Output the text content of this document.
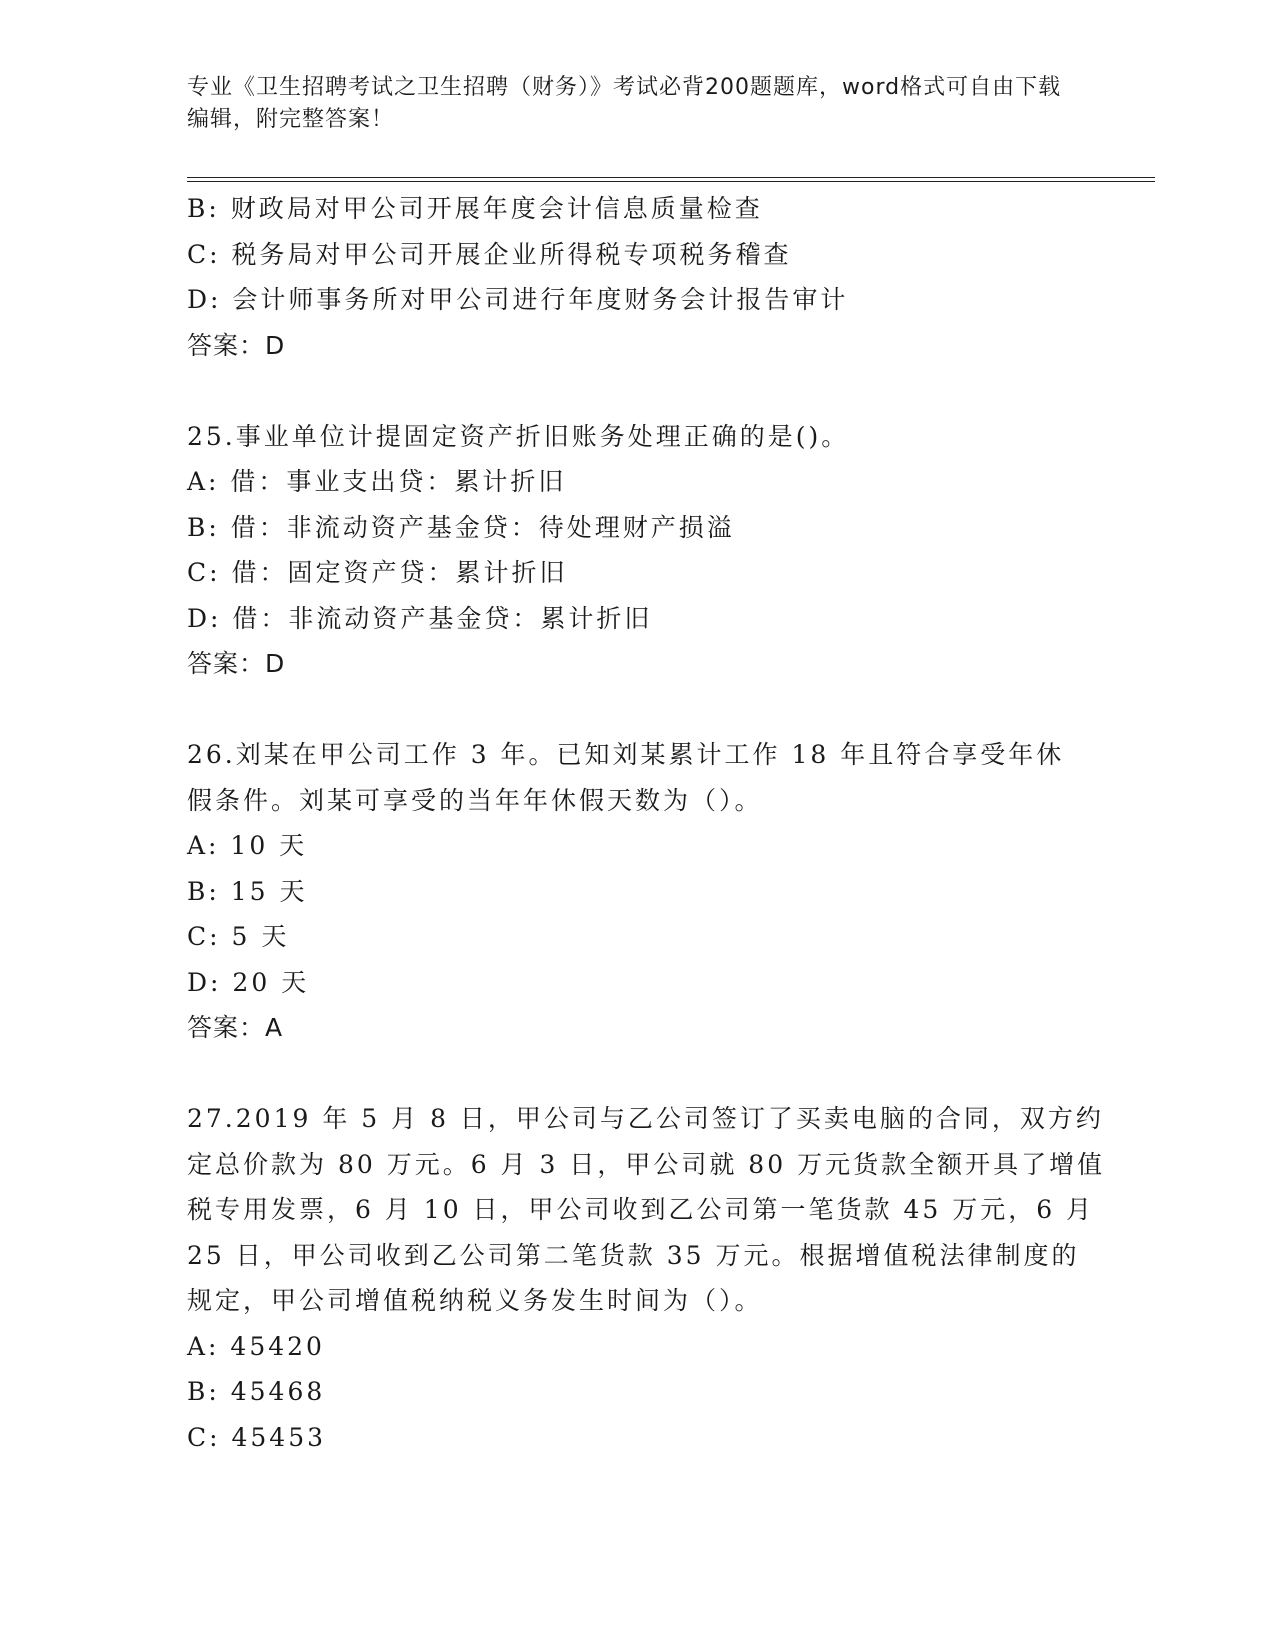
专业《卫生招聘考试之卫生招聘（财务）》考试必背200题题库，word格式可自由下载编辑，附完整答案！
B: 财政局对甲公司开展年度会计信息质量检查
C: 税务局对甲公司开展企业所得税专项税务稽查
D: 会计师事务所对甲公司进行年度财务会计报告审计
答案：D
25.事业单位计提固定资产折旧账务处理正确的是()。
A: 借：事业支出贷：累计折旧
B: 借：非流动资产基金贷：待处理财产损溢
C: 借：固定资产贷：累计折旧
D: 借：非流动资产基金贷：累计折旧
答案：D
26.刘某在甲公司工作 3 年。已知刘某累计工作 18 年且符合享受年休
假条件。刘某可享受的当年年休假天数为（）。
A: 10 天
B: 15 天
C: 5 天
D: 20 天
答案：A
27.2019 年 5 月 8 日，甲公司与乙公司签订了买卖电脑的合同，双方约
定总价款为 80 万元。6 月 3 日，甲公司就 80 万元货款全额开具了增值
税专用发票，6 月 10 日，甲公司收到乙公司第一笔货款 45 万元，6 月
25 日，甲公司收到乙公司第二笔货款 35 万元。根据增值税法律制度的
规定，甲公司增值税纳税义务发生时间为（）。
A: 45420
B: 45468
C: 45453
